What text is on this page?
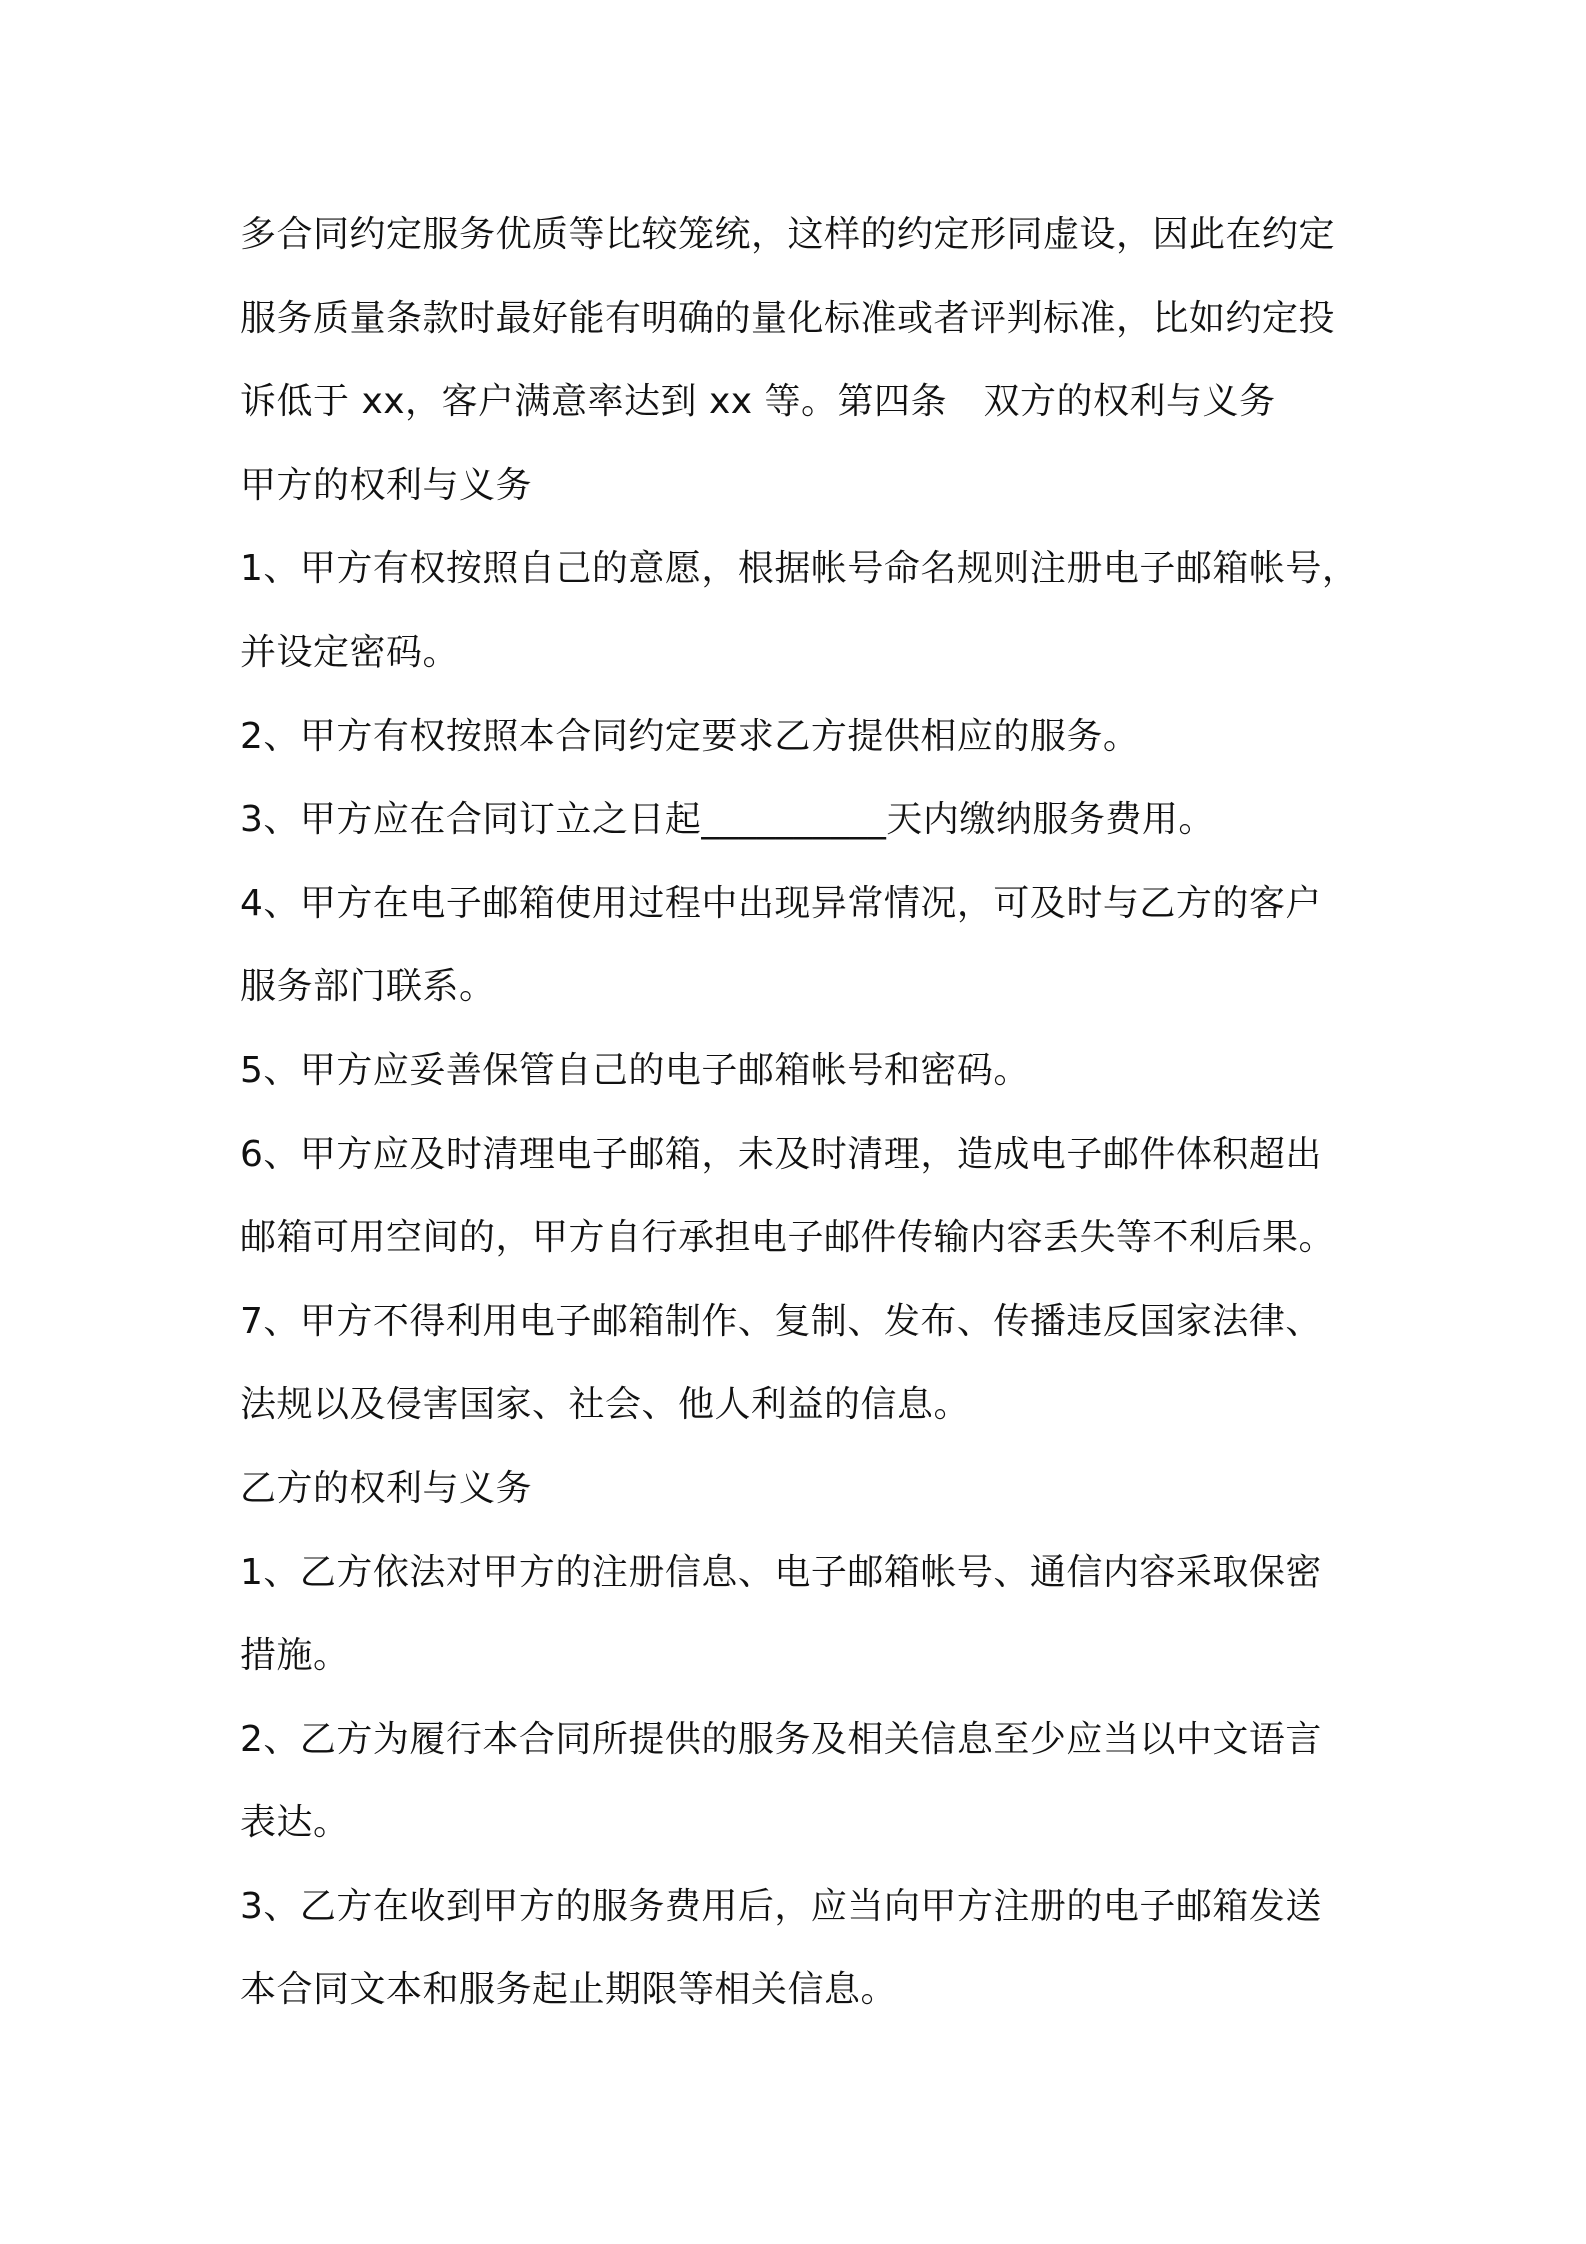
多合同约定服务优质等比较笼统，这样的约定形同虚设，因此在约定
服务质量条款时最好能有明确的量化标准或者评判标准，比如约定投
诉低于 xx，客户满意率达到 xx 等。第四条　双方的权利与义务
甲方的权利与义务
1、甲方有权按照自己的意愿，根据帐号命名规则注册电子邮箱帐号，
并设定密码。
2、甲方有权按照本合同约定要求乙方提供相应的服务。
3、甲方应在合同订立之日起__________天内缴纳服务费用。
4、甲方在电子邮箱使用过程中出现异常情况，可及时与乙方的客户
服务部门联系。
5、甲方应妥善保管自己的电子邮箱帐号和密码。
6、甲方应及时清理电子邮箱，未及时清理，造成电子邮件体积超出
邮箱可用空间的，甲方自行承担电子邮件传输内容丢失等不利后果。
7、甲方不得利用电子邮箱制作、复制、发布、传播违反国家法律、
法规以及侵害国家、社会、他人利益的信息。
乙方的权利与义务
1、乙方依法对甲方的注册信息、电子邮箱帐号、通信内容采取保密
措施。
2、乙方为履行本合同所提供的服务及相关信息至少应当以中文语言
表达。
3、乙方在收到甲方的服务费用后，应当向甲方注册的电子邮箱发送
本合同文本和服务起止期限等相关信息。
